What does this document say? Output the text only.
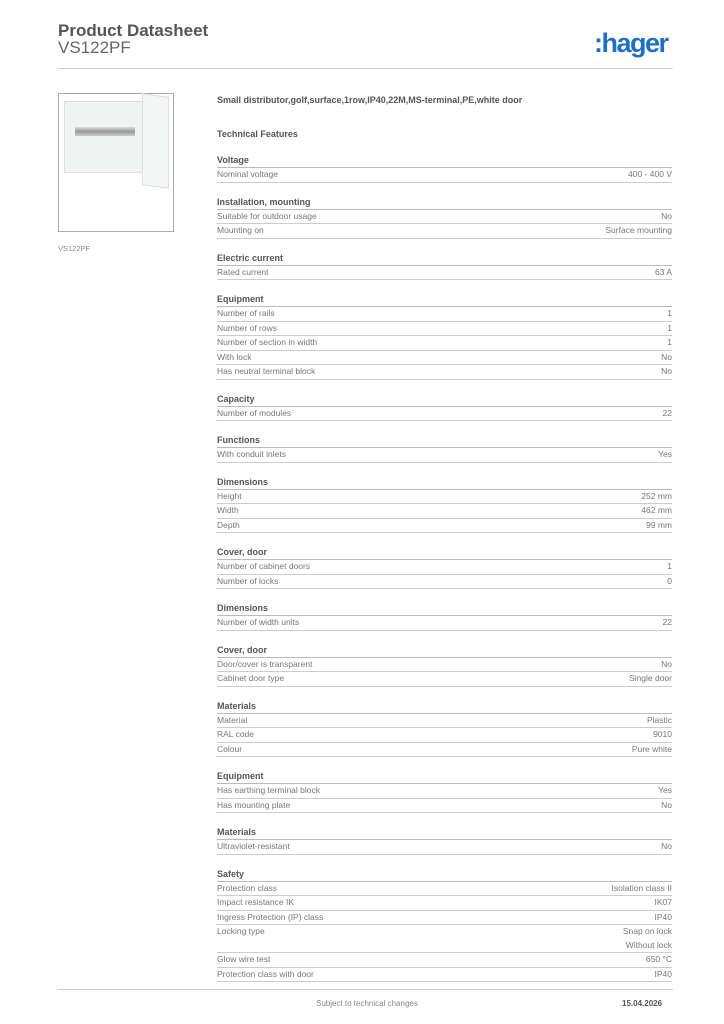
Product Datasheet
VS122PF	:hager
VS122PF
Small distributor,golf,surface,1row,IP40,22M,MS-terminal,PE,white door
Technical Features
Voltage
Nominal voltage	400 - 400 V
Installation, mounting
Suitable for outdoor usage	No
Mounting on	Surface mounting
Electric current
Rated current	63 A
Equipment
Number of rails	1
Number of rows	1
Number of section in width	1
With lock	No
Has neutral terminal block	No
Capacity
Number of modules	22
Functions
With conduit inlets	Yes
Dimensions
Height	252 mm
Width	462 mm
Depth	99 mm
Cover, door
Number of cabinet doors	1
Number of locks	0
Dimensions
Number of width units	22
Cover, door
Door/cover is transparent	No
Cabinet door type	Single door
Materials
Material	Plastic
RAL code	9010
Colour	Pure white
Equipment
Has earthing terminal block	Yes
Has mounting plate	No
Materials
Ultraviolet-resistant	No
Safety
Protection class	Isolation class II
Impact resistance IK	IK07
Ingress Protection (IP) class	IP40
Locking type	Snap on lock
Without lock
Glow wire test	650 °C
Protection class with door	IP40
Subject to technical changes	15.04.2026
